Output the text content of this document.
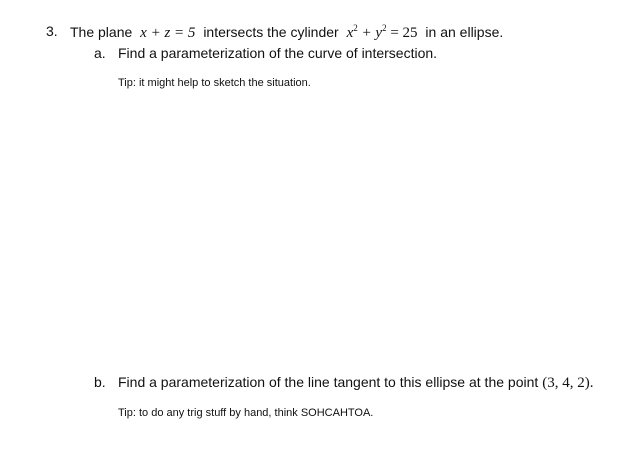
3. The plane x + z = 5 intersects the cylinder $x^2 + y^2 = 25$ in an ellipse.
a. Find a parameterization of the curve of intersection.
Tip: it might help to sketch the situation.
b. Find a parameterization of the line tangent to this ellipse at the point (3, 4, 2).
Tip: to do any trig stuff by hand, think SOHCAHTOA.
